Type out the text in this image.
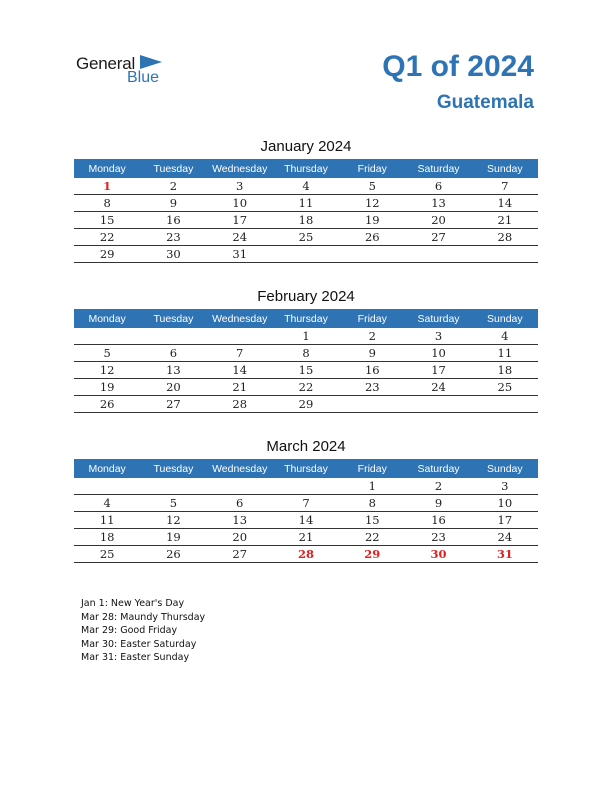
General
Blue	Q1 of 2024
Guatemala
January 2024
Monday	Tuesday	Wednesday	Thursday	Friday	Saturday	Sunday
1	2	3	4	5	6	7
8	9	10	11	12	13	14
15	16	17	18	19	20	21
22	23	24	25	26	27	28
29	30	31				
February 2024
Monday	Tuesday	Wednesday	Thursday	Friday	Saturday	Sunday
			1	2	3	4
5	6	7	8	9	10	11
12	13	14	15	16	17	18
19	20	21	22	23	24	25
26	27	28	29			
March 2024
Monday	Tuesday	Wednesday	Thursday	Friday	Saturday	Sunday
				1	2	3
4	5	6	7	8	9	10
11	12	13	14	15	16	17
18	19	20	21	22	23	24
25	26	27	28	29	30	31
Jan 1: New Year's Day
Mar 28: Maundy Thursday
Mar 29: Good Friday
Mar 30: Easter Saturday
Mar 31: Easter Sunday
